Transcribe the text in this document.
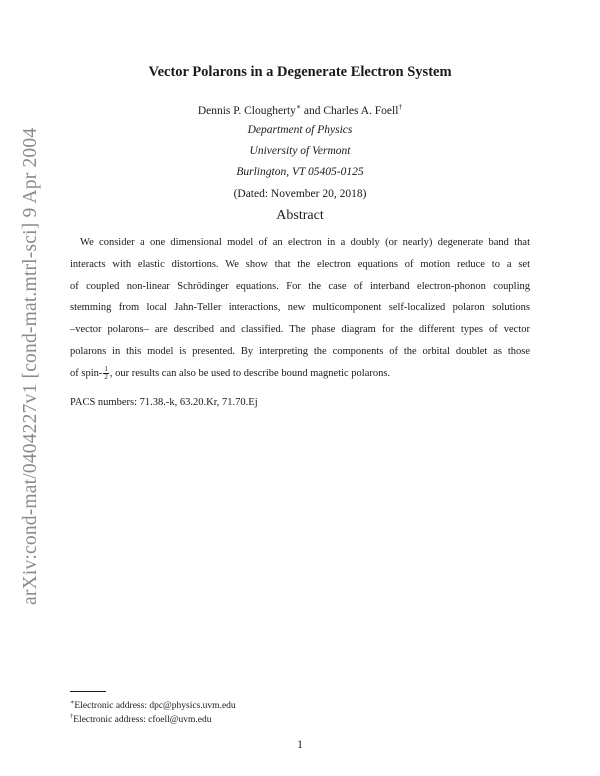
arXiv:cond-mat/0404227v1 [cond-mat.mtrl-sci] 9 Apr 2004
Vector Polarons in a Degenerate Electron System
Dennis P. Clougherty∗ and Charles A. Foell†
Department of Physics
University of Vermont
Burlington, VT 05405-0125
(Dated: November 20, 2018)
Abstract
We consider a one dimensional model of an electron in a doubly (or nearly) degenerate band that
interacts with elastic distortions. We show that the electron equations of motion reduce to a set
of coupled non-linear Schrödinger equations. For the case of interband electron-phonon coupling
stemming from local Jahn-Teller interactions, new multicomponent self-localized polaron solutions
–vector polarons– are described and classified. The phase diagram for the different types of vector
polarons in this model is presented. By interpreting the components of the orbital doublet as those
of spin- $\frac{1}{2}$ , our results can also be used to describe bound magnetic polarons.
PACS numbers: 71.38.-k, 63.20.Kr, 71.70.Ej
∗Electronic address: dpc@physics.uvm.edu
†Electronic address: cfoell@uvm.edu
1
